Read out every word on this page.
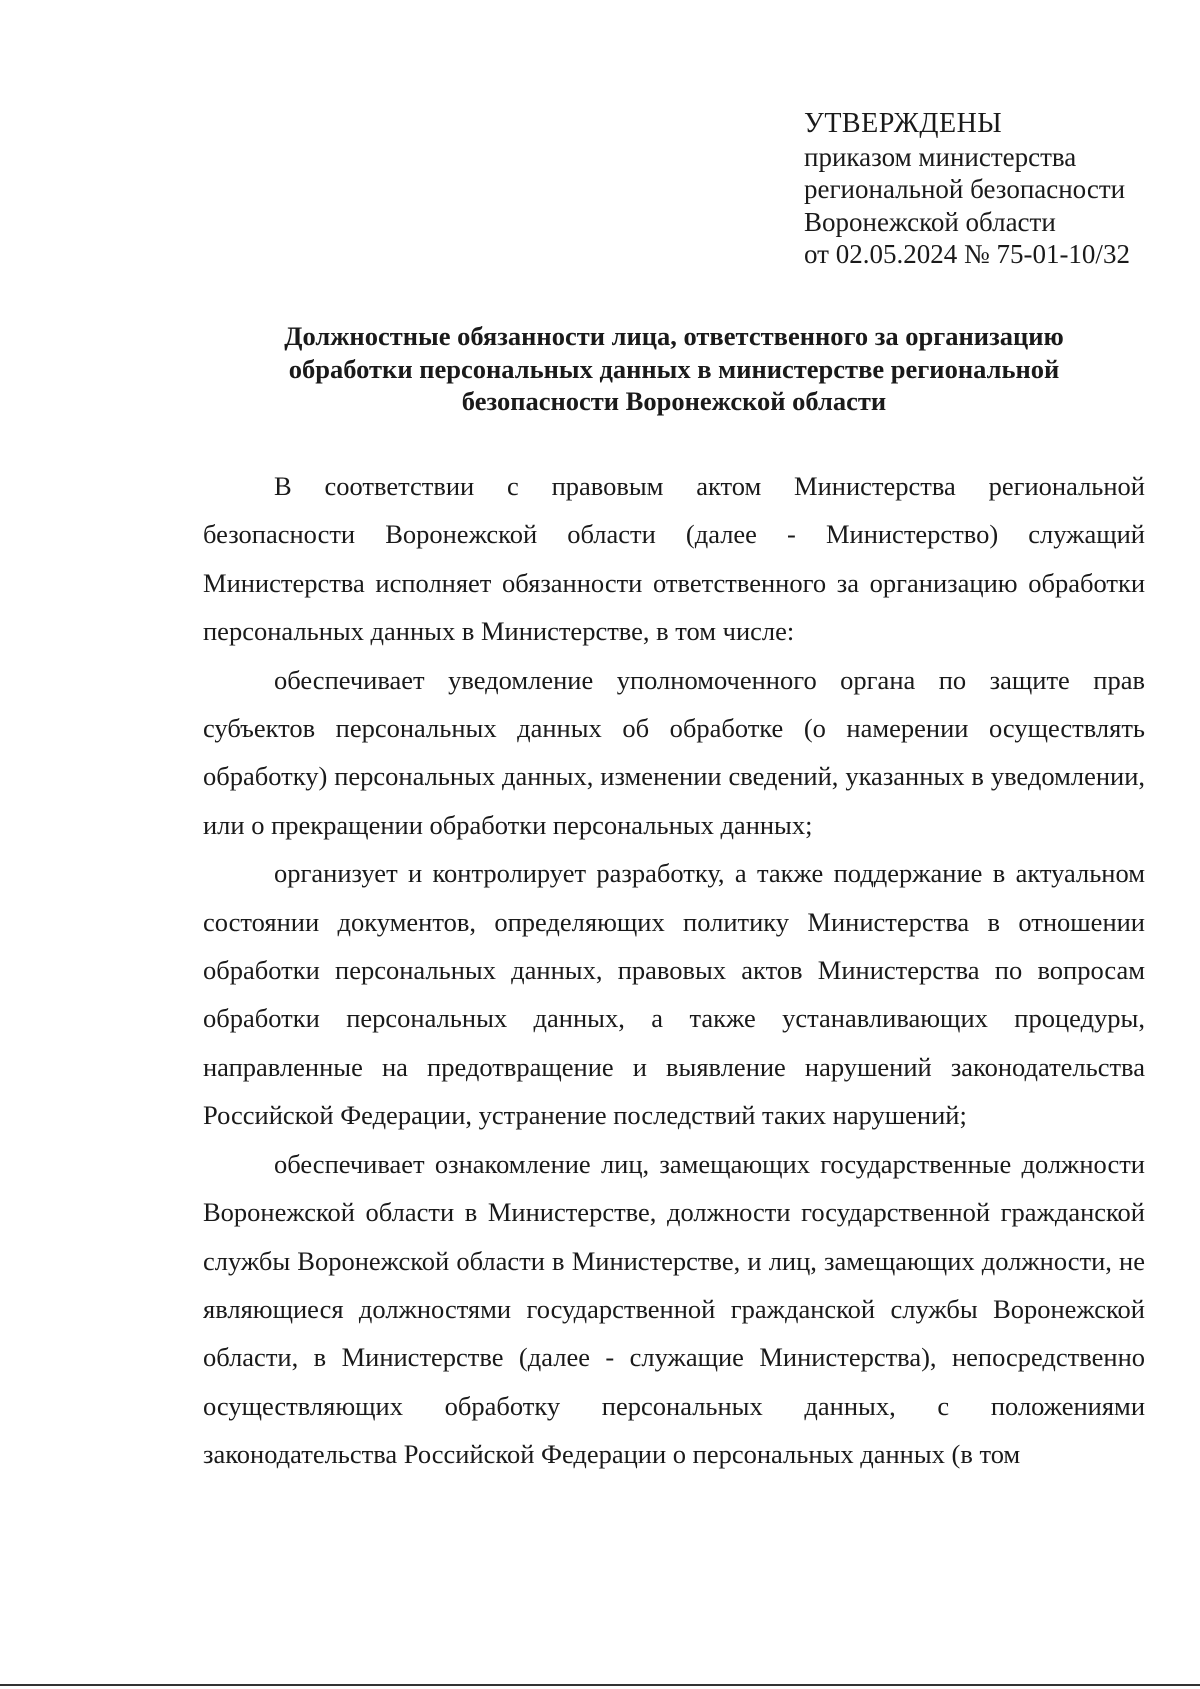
УТВЕРЖДЕНЫ
приказом министерства
региональной безопасности
Воронежской области
от 02.05.2024 № 75-01-10/32
Должностные обязанности лица, ответственного за организацию
обработки персональных данных в министерстве региональной
безопасности Воронежской области

В соответствии с правовым актом Министерства региональной безопасности Воронежской области (далее - Министерство) служащий Министерства исполняет обязанности ответственного за организацию обработки персональных данных в Министерстве, в том числе:

обеспечивает уведомление уполномоченного органа по защите прав субъектов персональных данных об обработке (о намерении осуществлять обработку) персональных данных, изменении сведений, указанных в уведомлении, или о прекращении обработки персональных данных;

организует и контролирует разработку, а также поддержание в актуальном состоянии документов, определяющих политику Министерства в отношении обработки персональных данных, правовых актов Министерства по вопросам обработки персональных данных, а также устанавливающих процедуры, направленные на предотвращение и выявление нарушений законодательства Российской Федерации, устранение последствий таких нарушений;

обеспечивает ознакомление лиц, замещающих государственные должности Воронежской области в Министерстве, должности государственной гражданской службы Воронежской области в Министерстве, и лиц, замещающих должности, не являющиеся должностями государственной гражданской службы Воронежской области, в Министерстве (далее - служащие Министерства), непосредственно осуществляющих обработку персональных данных, с положениями законодательства Российской Федерации о персональных данных (в том
